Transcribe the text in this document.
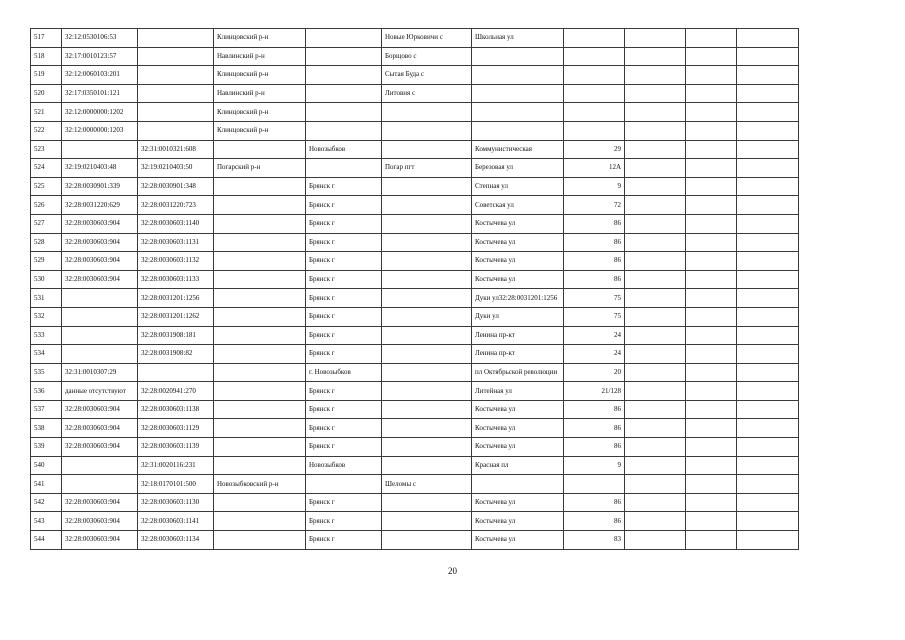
517	32:12:0530106:53		Клинцовский р-н		Новые Юрковичи с	Школьная ул				
518	32:17:0010123:57		Навлинский р-н		Борщово с					
519	32:12:0060103:201		Клинцовский р-н		Сытая Буда с					
520	32:17:0350101:121		Навлинский р-н		Литовня с					
521	32:12:0000000:1202		Клинцовский р-н							
522	32:12:0000000:1203		Клинцовский р-н							
523		32:31:0010321:608		Новозыбков		Коммунистическая	29			
524	32:19:0210403:48	32:19:0210403:50	Погарский р-н		Погар пгт	Березовая ул	12А			
525	32:28:0030901:339	32:28:0030901:348		Брянск г		Степная ул	9			
526	32:28:0031220:629	32:28:0031220:723		Брянск г		Советская ул	72			
527	32:28:0030603:904	32:28:0030603:1140		Брянск г		Костычева ул	86			
528	32:28:0030603:904	32:28:0030603:1131		Брянск г		Костычева ул	86			
529	32:28:0030603:904	32:28:0030603:1132		Брянск г		Костычева ул	86			
530	32:28:0030603:904	32:28:0030603:1133		Брянск г		Костычева ул	86			
531		32:28:0031201:1256		Брянск г		Дуки ул32:28:0031201:1256	75			
532		32:28:0031201:1262		Брянск г		Дуки ул	75			
533		32:28:0031908:181		Брянск г		Ленина пр-кт	24			
534		32:28:0031908:82		Брянск г		Ленина пр-кт	24			
535	32:31:0010307:29			г. Новозыбков		пл Октябрьской революции	20			
536	данные отсутствуют	32:28:0020941:270		Брянск г		Литейная ул	21/128			
537	32:28:0030603:904	32:28:0030603:1138		Брянск г		Костычева ул	86			
538	32:28:0030603:904	32:28:0030603:1129		Брянск г		Костычева ул	86			
539	32:28:0030603:904	32:28:0030603:1139		Брянск г		Костычева ул	86			
540		32:31:0020116:231		Новозыбков		Красная пл	9			
541		32:18:0170101:500	Новозыбковский р-н		Шеломы с					
542	32:28:0030603:904	32:28:0030603:1130		Брянск г		Костычева ул	86			
543	32:28:0030603:904	32:28:0030603:1141		Брянск г		Костычева ул	86			
544	32:28:0030603:904	32:28:0030603:1134		Брянск г		Костычева ул	83			
20
